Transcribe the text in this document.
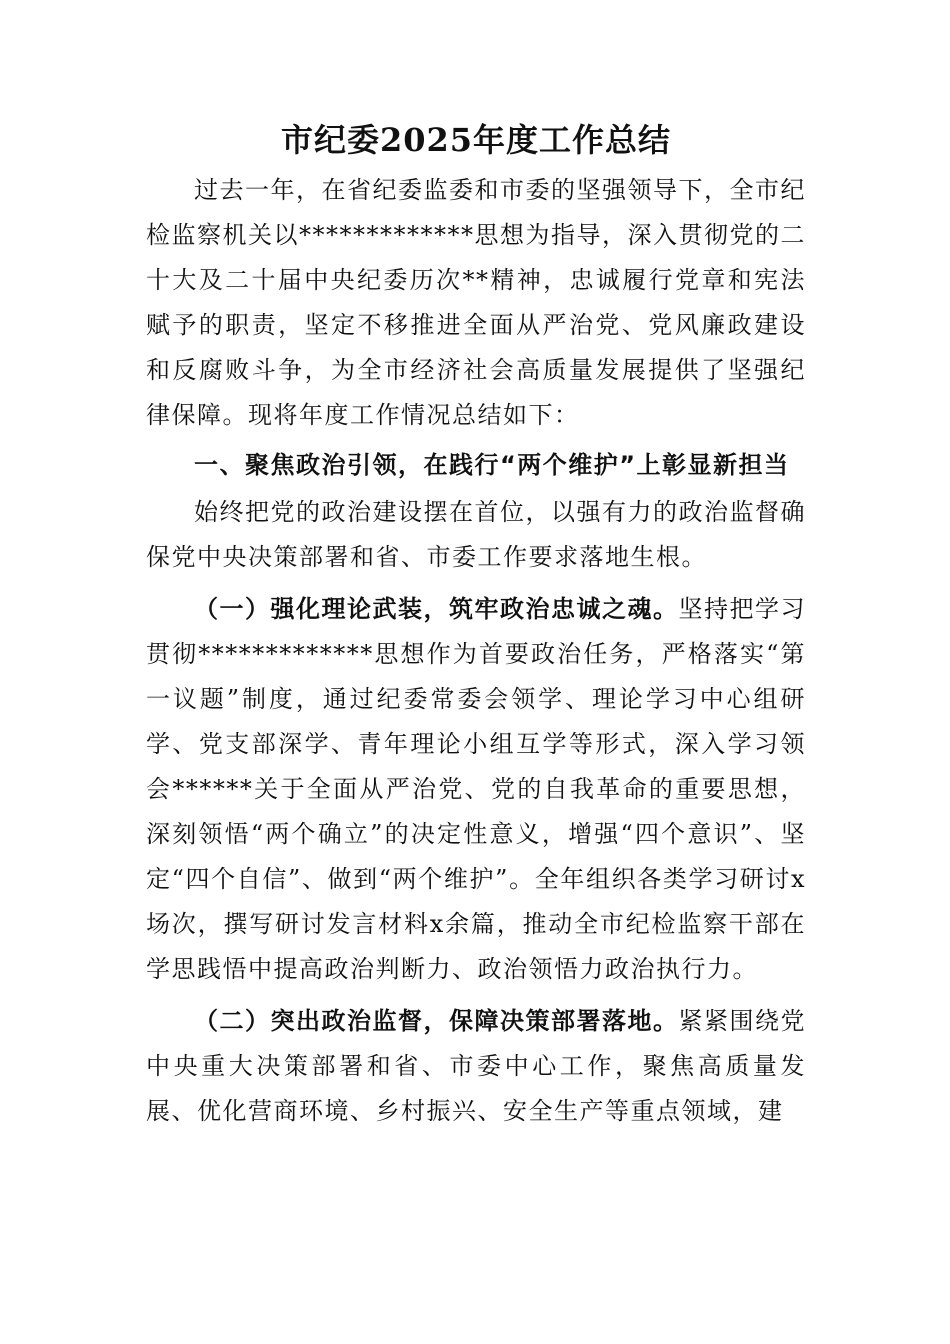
市纪委2025年度工作总结

过去一年，在省纪委监委和市委的坚强领导下，全市纪检监察机关以*************思想为指导，深入贯彻党的二十大及二十届中央纪委历次**精神，忠诚履行党章和宪法赋予的职责，坚定不移推进全面从严治党、党风廉政建设和反腐败斗争，为全市经济社会高质量发展提供了坚强纪律保障。现将年度工作情况总结如下：

一、聚焦政治引领，在践行“两个维护”上彰显新担当

始终把党的政治建设摆在首位，以强有力的政治监督确保党中央决策部署和省、市委工作要求落地生根。

（一）强化理论武装，筑牢政治忠诚之魂。坚持把学习贯彻*************思想作为首要政治任务，严格落实“第一议题”制度，通过纪委常委会领学、理论学习中心组研学、党支部深学、青年理论小组互学等形式，深入学习领会******关于全面从严治党、党的自我革命的重要思想，深刻领悟“两个确立”的决定性意义，增强“四个意识”、坚定“四个自信”、做到“两个维护”。全年组织各类学习研讨x场次，撰写研讨发言材料x余篇，推动全市纪检监察干部在学思践悟中提高政治判断力、政治领悟力政治执行力。

（二）突出政治监督，保障决策部署落地。紧紧围绕党中央重大决策部署和省、市委中心工作，聚焦高质量发展、优化营商环境、乡村振兴、安全生产等重点领域，建
